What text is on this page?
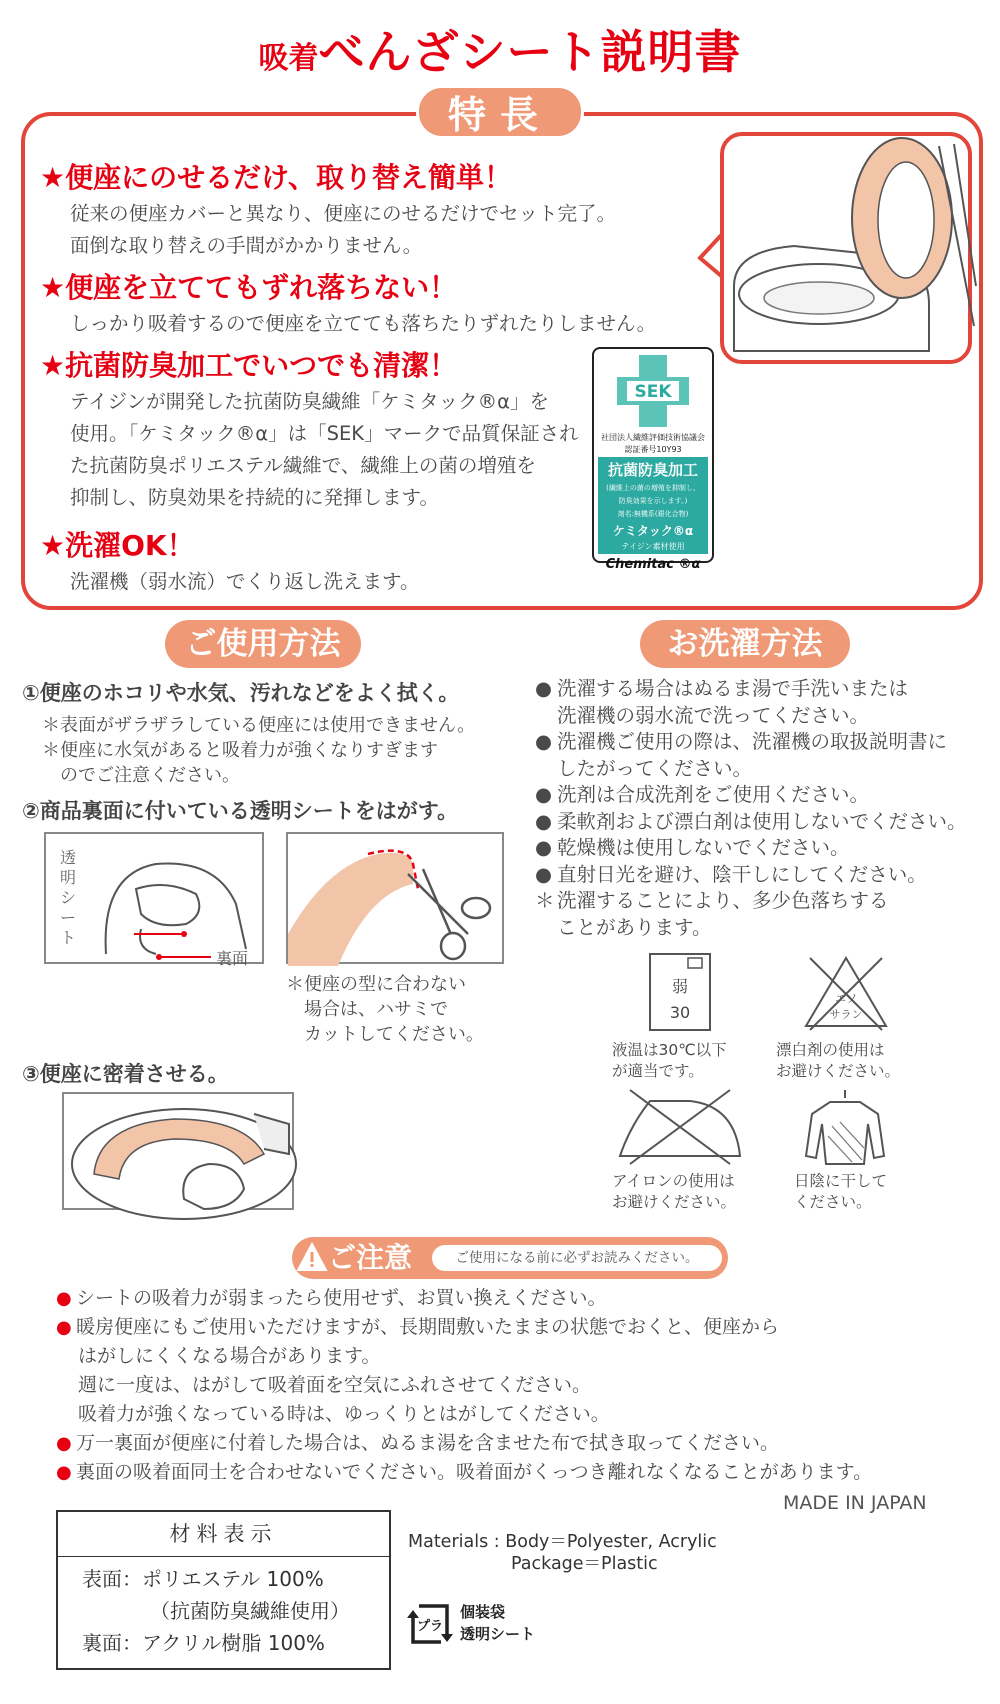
吸着べんざシート説明書
特長
★便座にのせるだけ、取り替え簡単！
従来の便座カバーと異なり、便座にのせるだけでセット完了。
面倒な取り替えの手間がかかりません。
★便座を立ててもずれ落ちない！
しっかり吸着するので便座を立てても落ちたりずれたりしません。
★抗菌防臭加工でいつでも清潔！
テイジンが開発した抗菌防臭繊維「ケミタック®α」を
使用。「ケミタック®α」は「SEK」マークで品質保証され
た抗菌防臭ポリエステル繊維で、繊維上の菌の増殖を
抑制し、防臭効果を持続的に発揮します。
★洗濯OK！
洗濯機（弱水流）でくり返し洗えます。
SEK
社団法人繊維評価技術協議会
認証番号10Y93
抗菌防臭加工
(繊維上の菌の増殖を抑制し、
防臭効果を示します。)
剤名:無機系(銀化合物)
ケミタック®α
テイジン素材使用
Chemitac ®α
ご使用方法	お洗濯方法
①便座のホコリや水気、汚れなどをよく拭く。
＊表面がザラザラしている便座には使用できません。
＊便座に水気があると吸着力が強くなりすぎます
　のでご注意ください。
②商品裏面に付いている透明シートをはがす。
透明シート
裏面
＊便座の型に合わない
　場合は、ハサミで
　カットしてください。
③便座に密着させる。
● 洗濯する場合はぬるま湯で手洗いまたは
洗濯機の弱水流で洗ってください。
● 洗濯機ご使用の際は、洗濯機の取扱説明書に
したがってください。
● 洗剤は合成洗剤をご使用ください。
● 柔軟剤および漂白剤は使用しないでください。
● 乾燥機は使用しないでください。
● 直射日光を避け、陰干しにしてください。
＊ 洗濯することにより、多少色落ちする
ことがあります。
弱
30
液温は30℃以下
が適当です。
エソ
サラン
漂白剤の使用は
お避けください。
アイロンの使用は
お避けください。
日陰に干して
ください。
ご注意	ご使用になる前に必ずお読みください。
● シートの吸着力が弱まったら使用せず、お買い換えください。
● 暖房便座にもご使用いただけますが、長期間敷いたままの状態でおくと、便座から
はがしにくくなる場合があります。
週に一度は、はがして吸着面を空気にふれさせてください。
吸着力が強くなっている時は、ゆっくりとはがしてください。
● 万一裏面が便座に付着した場合は、ぬるま湯を含ませた布で拭き取ってください。
● 裏面の吸着面同士を合わせないでください。吸着面がくっつき離れなくなることがあります。
MADE IN JAPAN
材料表示
表面：ポリエステル 100%
（抗菌防臭繊維使用）
裏面：アクリル樹脂 100%
Materials : Body＝Polyester, Acrylic
Package＝Plastic
プラ
個装袋
透明シート
